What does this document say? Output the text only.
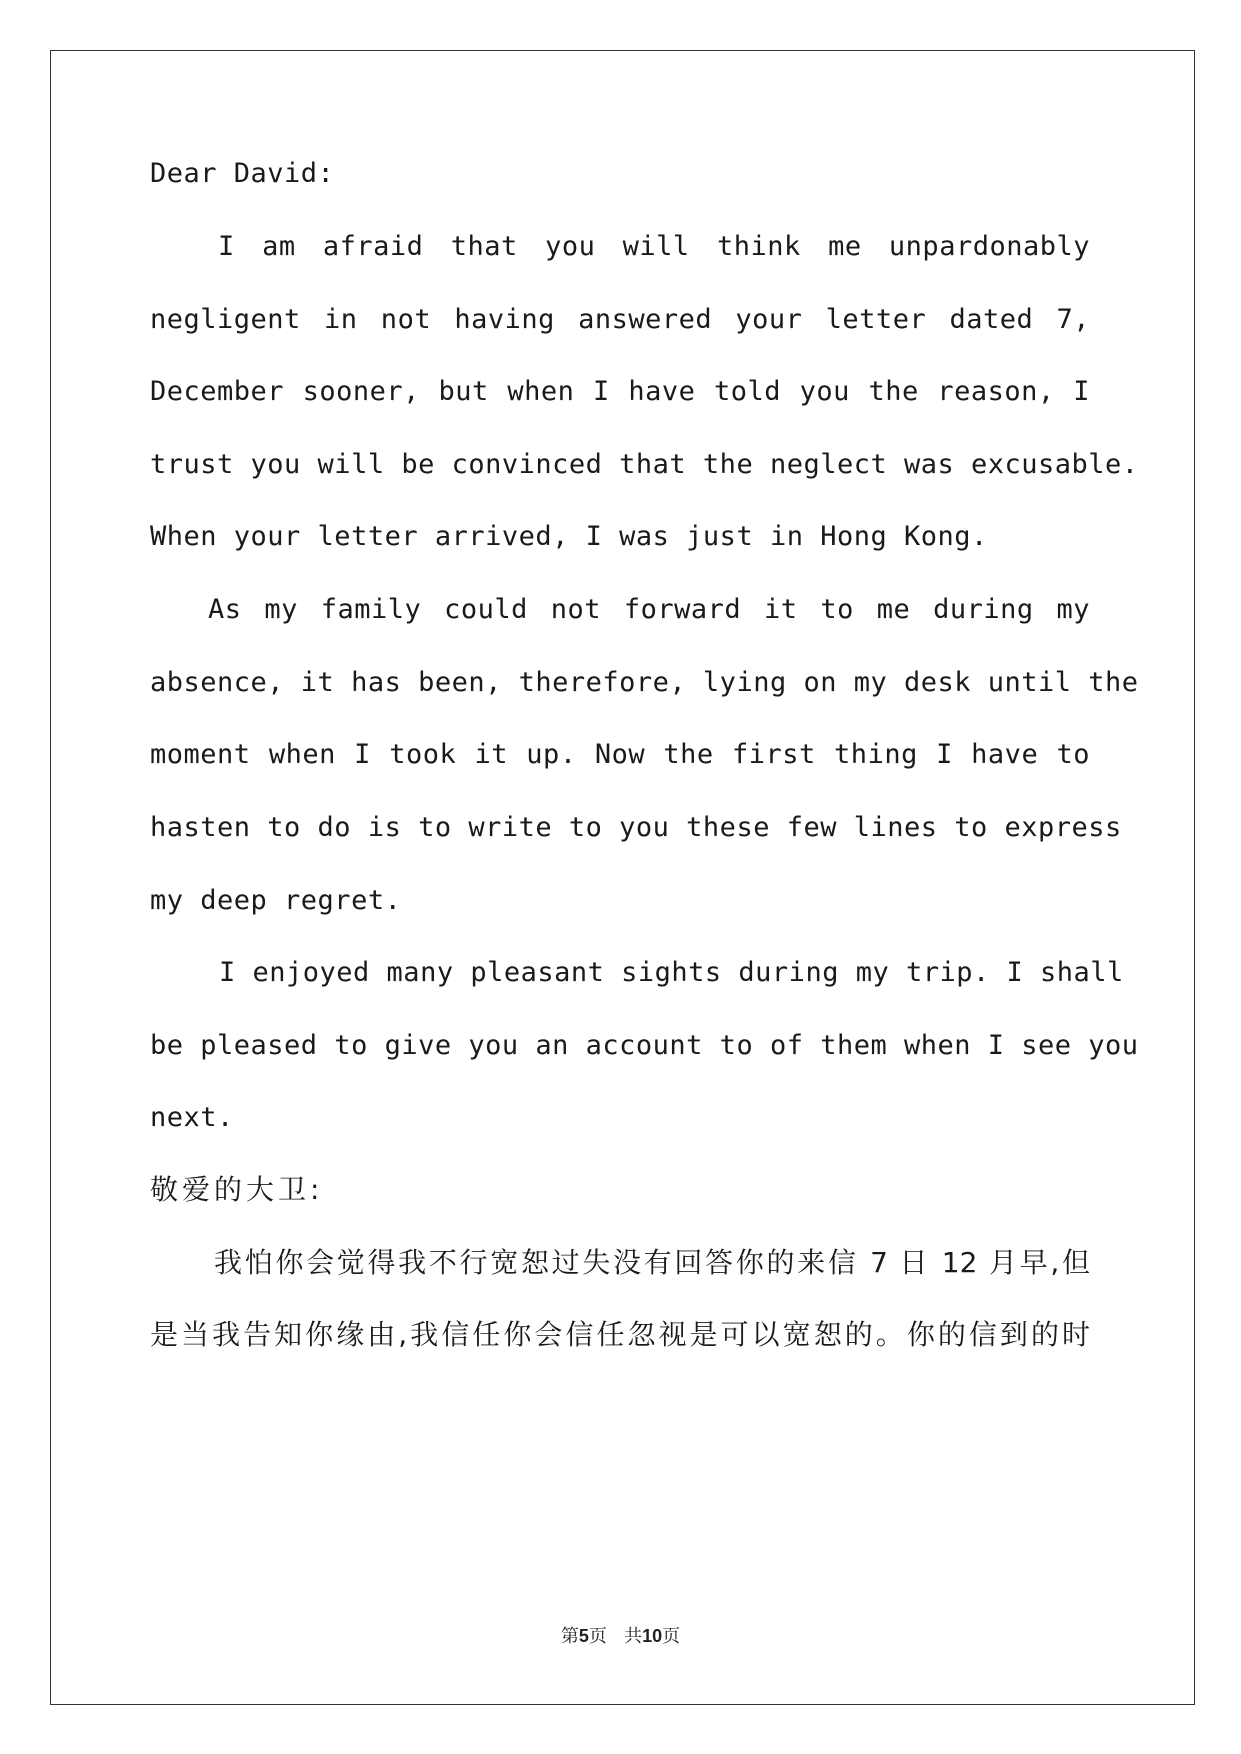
Dear David:
I am afraid that you will think me unpardonably
negligent in not having answered your letter dated 7,
December sooner, but when I have told you the reason, I
trust you will be convinced that the neglect was excusable.
When your letter arrived, I was just in Hong Kong.
As my family could not forward it to me during my
absence, it has been, therefore, lying on my desk until the
moment when I took it up. Now the first thing I have to
hasten to do is to write to you these few lines to express
my deep regret.
I enjoyed many pleasant sights during my trip. I shall
be pleased to give you an account to of them when I see you
next.
敬爱的大卫:
我怕你会觉得我不行宽恕过失没有回答你的来信 7 日 12 月早,但
是当我告知你缘由,我信任你会信任忽视是可以宽恕的。你的信到的时
第5页 共10页
